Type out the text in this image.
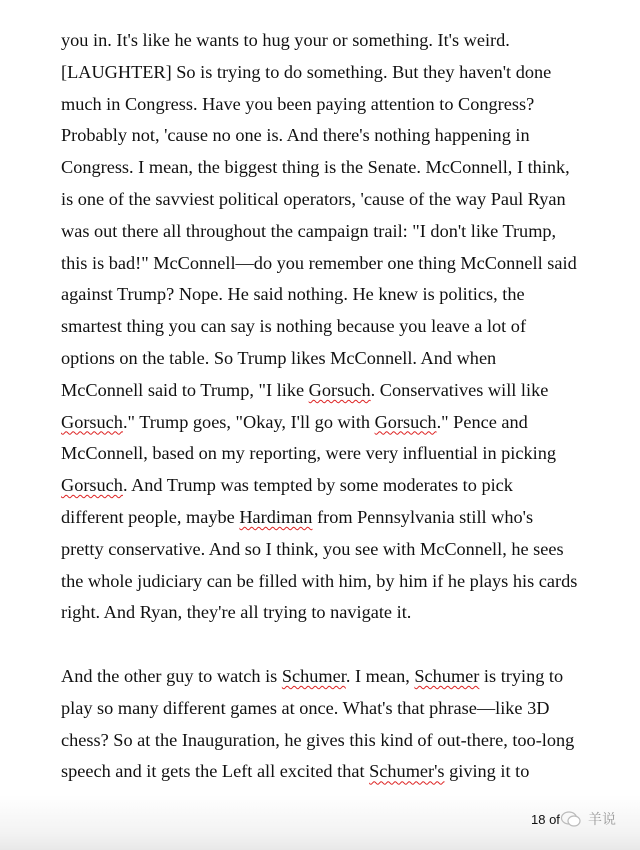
you in. It's like he wants to hug your or something. It's weird.
[LAUGHTER] So is trying to do something. But they haven't done
much in Congress. Have you been paying attention to Congress?
Probably not, 'cause no one is. And there's nothing happening in
Congress. I mean, the biggest thing is the Senate. McConnell, I think,
is one of the savviest political operators, 'cause of the way Paul Ryan
was out there all throughout the campaign trail: "I don't like Trump,
this is bad!" McConnell—do you remember one thing McConnell said
against Trump? Nope. He said nothing. He knew is politics, the
smartest thing you can say is nothing because you leave a lot of
options on the table. So Trump likes McConnell. And when
McConnell said to Trump, "I like Gorsuch. Conservatives will like
Gorsuch." Trump goes, "Okay, I'll go with Gorsuch." Pence and
McConnell, based on my reporting, were very influential in picking
Gorsuch. And Trump was tempted by some moderates to pick
different people, maybe Hardiman from Pennsylvania still who's
pretty conservative. And so I think, you see with McConnell, he sees
the whole judiciary can be filled with him, by him if he plays his cards
right. And Ryan, they're all trying to navigate it.
And the other guy to watch is Schumer. I mean, Schumer is trying to
play so many different games at once. What's that phrase—like 3D
chess? So at the Inauguration, he gives this kind of out-there, too-long
speech and it gets the Left all excited that Schumer's giving it to
18 of 羊说
